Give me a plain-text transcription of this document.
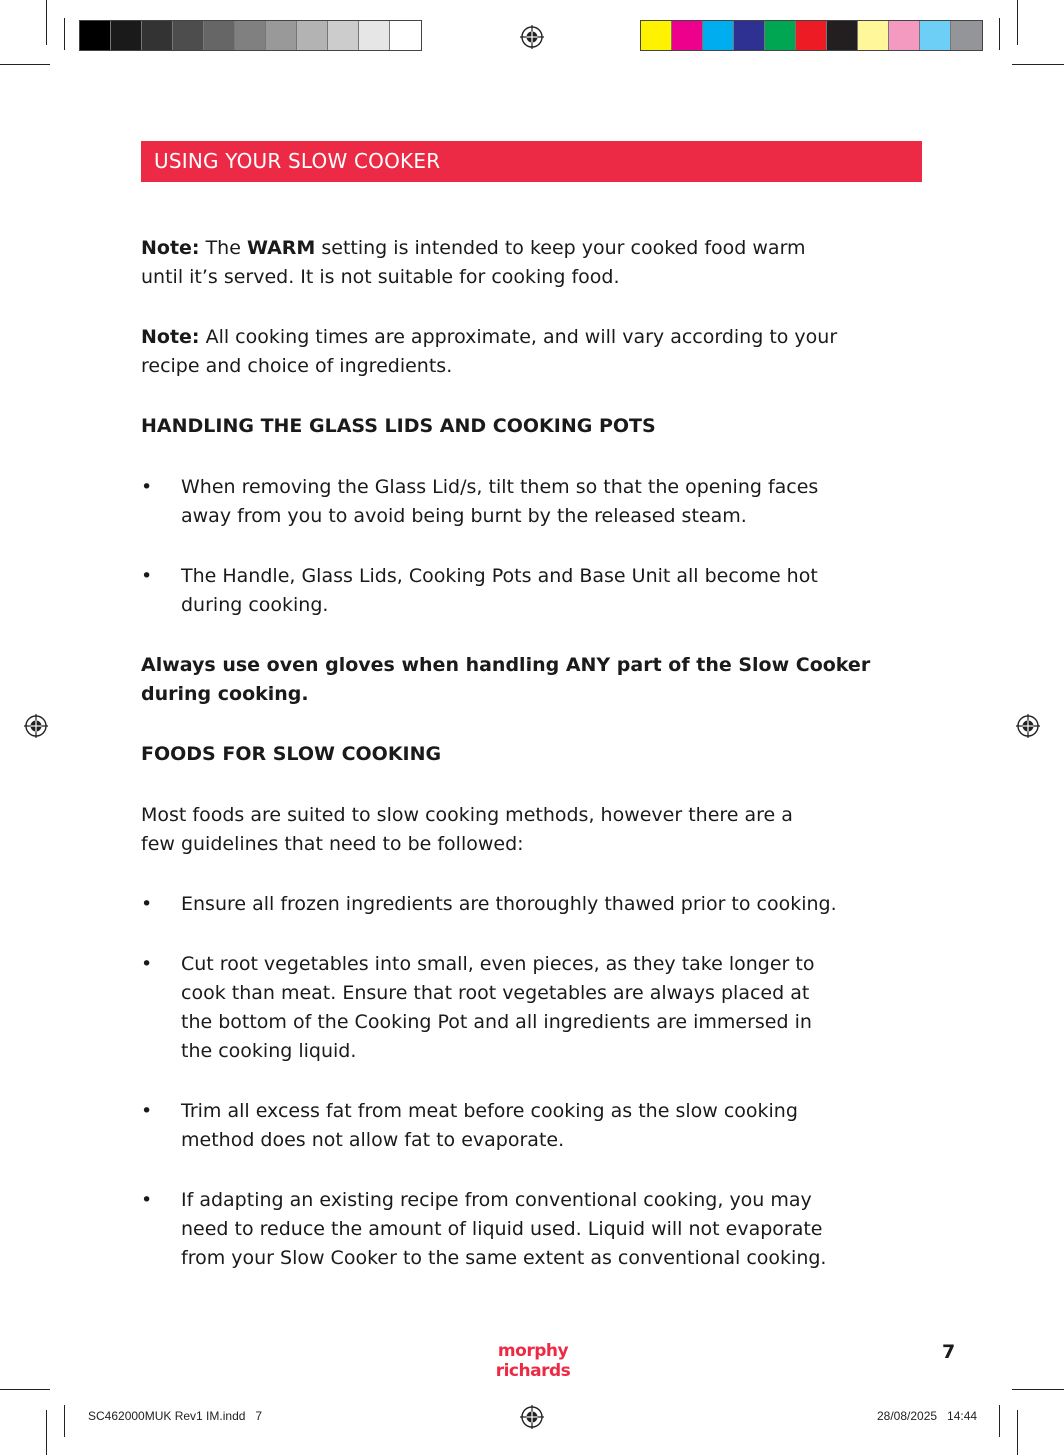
USING YOUR SLOW COOKER

Note: The WARM setting is intended to keep your cooked food warm
until it’s served. It is not suitable for cooking food.

Note: All cooking times are approximate, and will vary according to your
recipe and choice of ingredients.

HANDLING THE GLASS LIDS AND COOKING POTS

• When removing the Glass Lid/s, tilt them so that the opening faces
away from you to avoid being burnt by the released steam.

• The Handle, Glass Lids, Cooking Pots and Base Unit all become hot
during cooking.

Always use oven gloves when handling ANY part of the Slow Cooker
during cooking.

FOODS FOR SLOW COOKING

Most foods are suited to slow cooking methods, however there are a
few guidelines that need to be followed:

• Ensure all frozen ingredients are thoroughly thawed prior to cooking.

• Cut root vegetables into small, even pieces, as they take longer to
cook than meat. Ensure that root vegetables are always placed at
the bottom of the Cooking Pot and all ingredients are immersed in
the cooking liquid.

• Trim all excess fat from meat before cooking as the slow cooking
method does not allow fat to evaporate.

• If adapting an existing recipe from conventional cooking, you may
need to reduce the amount of liquid used. Liquid will not evaporate
from your Slow Cooker to the same extent as conventional cooking.

morphy richards
7
SC462000MUK Rev1 IM.indd   7	28/08/2025   14:44
